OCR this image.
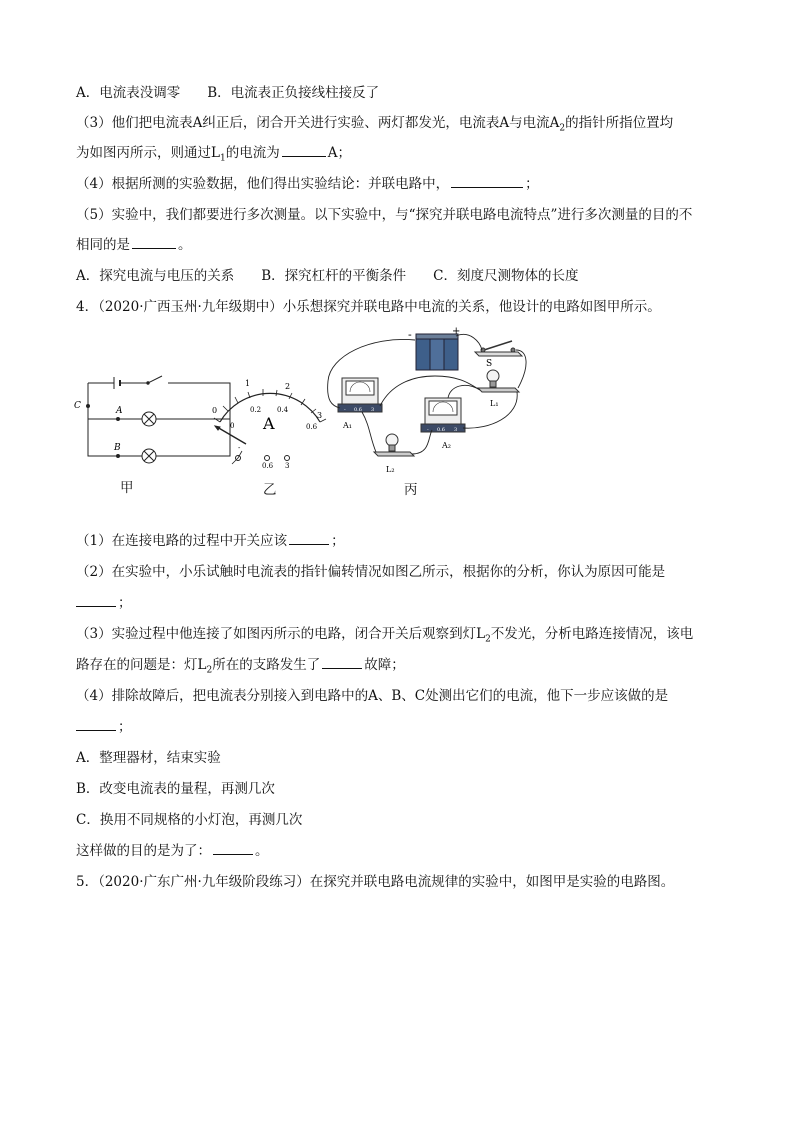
A．电流表没调零　　B．电流表正负接线柱接反了
（3）他们把电流表A纠正后，闭合开关进行实验、两灯都发光，电流表A与电流$A_2$的指针所指位置均
为如图丙所示，则通过$L_1$的电流为	A；
（4）根据所测的实验数据，他们得出实验结论：并联电路中，	；
（5）实验中，我们都要进行多次测量。以下实验中，与“探究并联电路电流特点”进行多次测量的目的不
相同的是	。
A．探究电流与电压的关系　　B．探究杠杆的平衡条件　　C．刻度尺测物体的长度
4．（2020·广西玉州·九年级期中）小乐想探究并联电路中电流的关系，他设计的电路如图甲所示。
C	A
B
0
1	2
3
0
0.2 0.4
0.6
A
-
0.6 3
-	+
S
L₁
A₁
- 0.6 3
A₂
- 0.6 3
L₂
甲	乙	丙
（1）在连接电路的过程中开关应该	；
（2）在实验中，小乐试触时电流表的指针偏转情况如图乙所示，根据你的分析，你认为原因可能是
；
（3）实验过程中他连接了如图丙所示的电路，闭合开关后观察到灯$L_2$不发光，分析电路连接情况，该电
路存在的问题是：灯$L_2$所在的支路发生了	故障；
（4）排除故障后，把电流表分别接入到电路中的A、B、C处测出它们的电流，他下一步应该做的是
；
A．整理器材，结束实验
B．改变电流表的量程，再测几次
C．换用不同规格的小灯泡，再测几次
这样做的目的是为了：	。
5．（2020·广东广州·九年级阶段练习）在探究并联电路电流规律的实验中，如图甲是实验的电路图。
